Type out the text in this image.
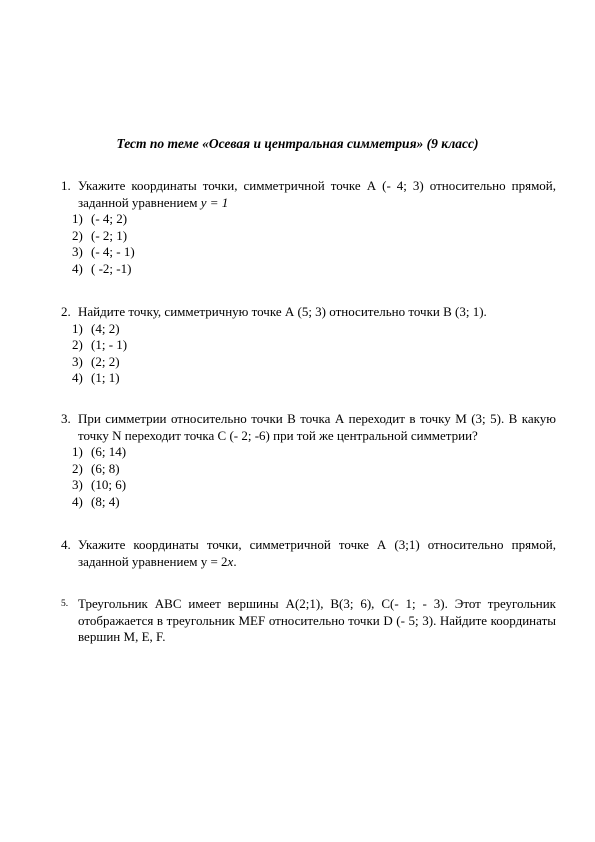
Тест по теме «Осевая и центральная симметрия» (9 класс)
1. Укажите координаты точки, симметричной точке А (- 4; 3) относительно прямой, заданной уравнением y = 1
1) (- 4; 2)
2) (- 2; 1)
3) (- 4; - 1)
4) ( -2; -1)
2. Найдите точку, симметричную точке А (5; 3) относительно точки В (3; 1).
1) (4; 2)
2) (1; - 1)
3) (2; 2)
4) (1; 1)
3. При симметрии относительно точки В точка А переходит в точку М (3; 5). В какую точку N переходит точка С (- 2; -6) при той же центральной симметрии?
1) (6; 14)
2) (6; 8)
3) (10; 6)
4) (8; 4)
4. Укажите координаты точки, симметричной точке А (3;1) относительно прямой, заданной уравнением y = 2x.
5. Треугольник АВС имеет вершины А(2;1), В(3; 6), С(- 1; - 3). Этот треугольник отображается в треугольник MEF относительно точки D (- 5; 3). Найдите координаты вершин M, E, F.
